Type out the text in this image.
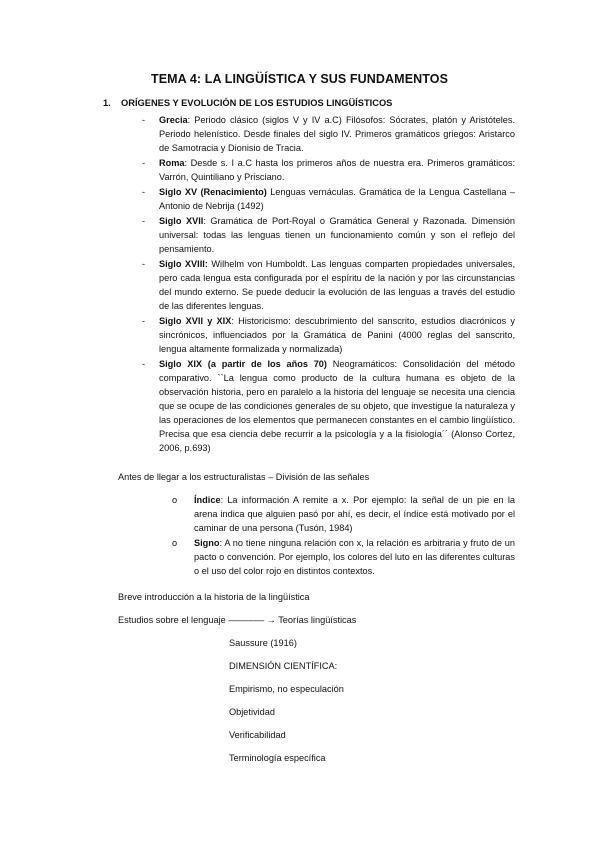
TEMA 4: LA LINGÜÍSTICA Y SUS FUNDAMENTOS
1. ORÍGENES Y EVOLUCIÓN DE LOS ESTUDIOS LINGÜÍSTICOS
- Grecia: Periodo clásico (siglos V y IV a.C) Filósofos: Sócrates, platón y Aristóteles. Periodo helenístico. Desde finales del siglo IV. Primeros gramáticos griegos: Aristarco de Samotracia y Dionisio de Tracia.
- Roma: Desde s. I a.C hasta los primeros años de nuestra era. Primeros gramáticos: Varrón, Quintiliano y Prisciano.
- Siglo XV (Renacimiento) Lenguas vernáculas. Gramática de la Lengua Castellana – Antonio de Nebrija (1492)
- Siglo XVII: Gramática de Port-Royal o Gramática General y Razonada. Dimensión universal: todas las lenguas tienen un funcionamiento común y son el reflejo del pensamiento.
- Siglo XVIII: Wilhelm von Humboldt. Las lenguas comparten propiedades universales, pero cada lengua esta configurada por el espíritu de la nación y por las circunstancias del mundo externo. Se puede deducir la evolución de las lenguas a través del estudio de las diferentes lenguas.
- Siglo XVII y XIX: Historicismo: descubrimiento del sanscrito, estudios diacrónicos y sincrónicos, influenciados por la Gramática de Panini (4000 reglas del sanscrito, lengua altamente formalizada y normalizada)
- Siglo XIX (a partir de los años 70) Neogramáticos: Consolidación del método comparativo. ``La lengua como producto de la cultura humana es objeto de la observación historia, pero en paralelo a la historia del lenguaje se necesita una ciencia que se ocupe de las condiciones generales de su objeto, que investigue la naturaleza y las operaciones de los elementos que permanecen constantes en el cambio lingüístico. Precisa que esa ciencia debe recurrir a la psicología y a la fisiología´´ (Alonso Cortez, 2006, p.693)
Antes de llegar a los estructuralistas – División de las señales
o Índice: La información A remite a x. Por ejemplo: la señal de un pie en la arena indica que alguien pasó por ahí, es decir, el índice está motivado por el caminar de una persona (Tusón, 1984)
o Signo: A no tiene ninguna relación con x, la relación es arbitraria y fruto de un pacto o convención. Por ejemplo, los colores del luto en las diferentes culturas o el uso del color rojo en distintos contextos.
Breve introducción a la historia de la lingüística
Estudios sobre el lenguaje ––––––– → Teorías lingüísticas
Saussure (1916)
DIMENSIÓN CIENTÍFICA:
Empirismo, no especulación
Objetividad
Verificabilidad
Terminología específica
